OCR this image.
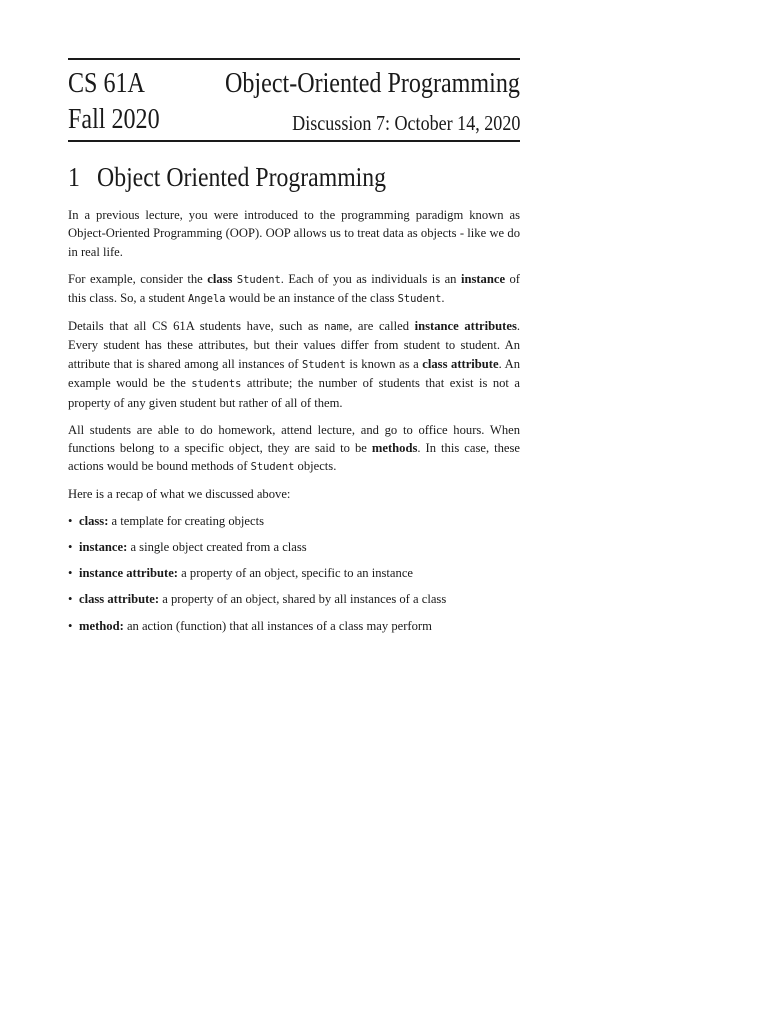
CS 61A
Fall 2020
Object-Oriented Programming
Discussion 7: October 14, 2020
1 Object Oriented Programming

In a previous lecture, you were introduced to the programming paradigm known as Object-Oriented Programming (OOP). OOP allows us to treat data as objects - like we do in real life.

For example, consider the class Student. Each of you as individuals is an instance of this class. So, a student Angela would be an instance of the class Student.

Details that all CS 61A students have, such as name, are called instance attributes. Every student has these attributes, but their values differ from student to student. An attribute that is shared among all instances of Student is known as a class attribute. An example would be the students attribute; the number of students that exist is not a property of any given student but rather of all of them.

All students are able to do homework, attend lecture, and go to office hours. When functions belong to a specific object, they are said to be methods. In this case, these actions would be bound methods of Student objects.

Here is a recap of what we discussed above:

• class: a template for creating objects
• instance: a single object created from a class
• instance attribute: a property of an object, specific to an instance
• class attribute: a property of an object, shared by all instances of a class
• method: an action (function) that all instances of a class may perform
